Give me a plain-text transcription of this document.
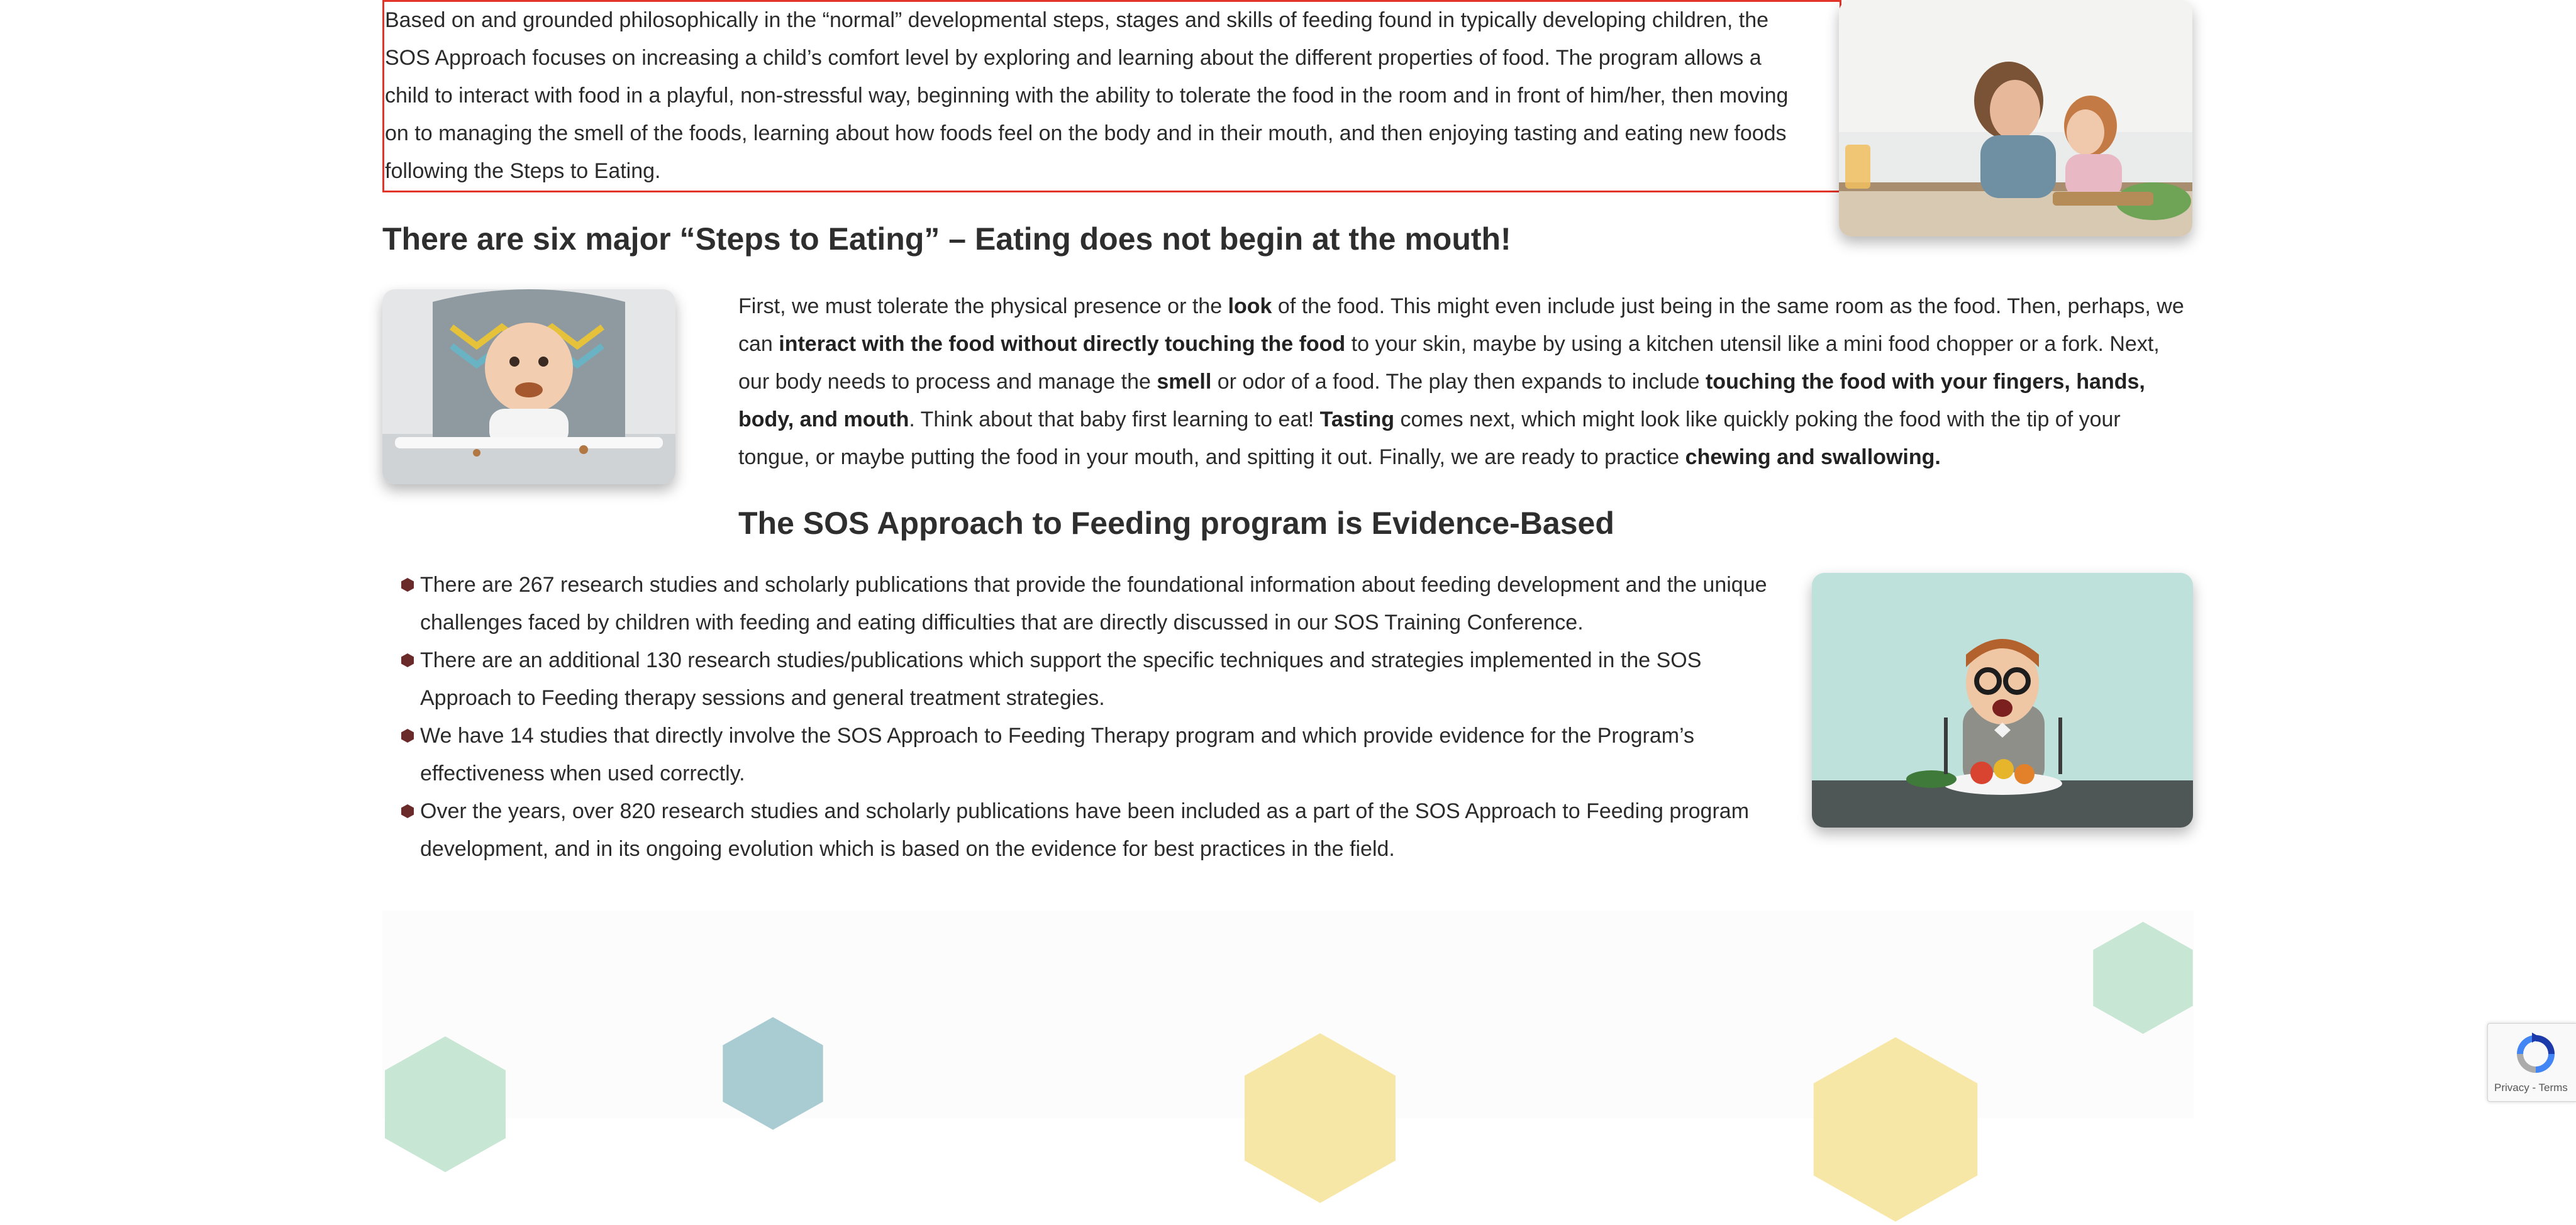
Based on and grounded philosophically in the “normal” developmental steps, stages and skills of feeding found in typically developing children, the SOS Approach focuses on increasing a child’s comfort level by exploring and learning about the different properties of food. The program allows a child to interact with food in a playful, non-stressful way, beginning with the ability to tolerate the food in the room and in front of him/her, then moving on to managing the smell of the foods, learning about how foods feel on the body and in their mouth, and then enjoying tasting and eating new foods following the Steps to Eating.

There are six major “Steps to Eating” – Eating does not begin at the mouth!

First, we must tolerate the physical presence or the look of the food. This might even include just being in the same room as the food. Then, perhaps, we can interact with the food without directly touching the food to your skin, maybe by using a kitchen utensil like a mini food chopper or a fork. Next, our body needs to process and manage the smell or odor of a food. The play then expands to include touching the food with your fingers, hands, body, and mouth. Think about that baby first learning to eat! Tasting comes next, which might look like quickly poking the food with the tip of your tongue, or maybe putting the food in your mouth, and spitting it out. Finally, we are ready to practice chewing and swallowing.

The SOS Approach to Feeding program is Evidence-Based
There are 267 research studies and scholarly publications that provide the foundational information about feeding development and the unique challenges faced by children with feeding and eating difficulties that are directly discussed in our SOS Training Conference.
There are an additional 130 research studies/publications which support the specific techniques and strategies implemented in the SOS Approach to Feeding therapy sessions and general treatment strategies.
We have 14 studies that directly involve the SOS Approach to Feeding Therapy program and which provide evidence for the Program’s effectiveness when used correctly.
Over the years, over 820 research studies and scholarly publications have been included as a part of the SOS Approach to Feeding program development, and in its ongoing evolution which is based on the evidence for best practices in the field.
Privacy - Terms
